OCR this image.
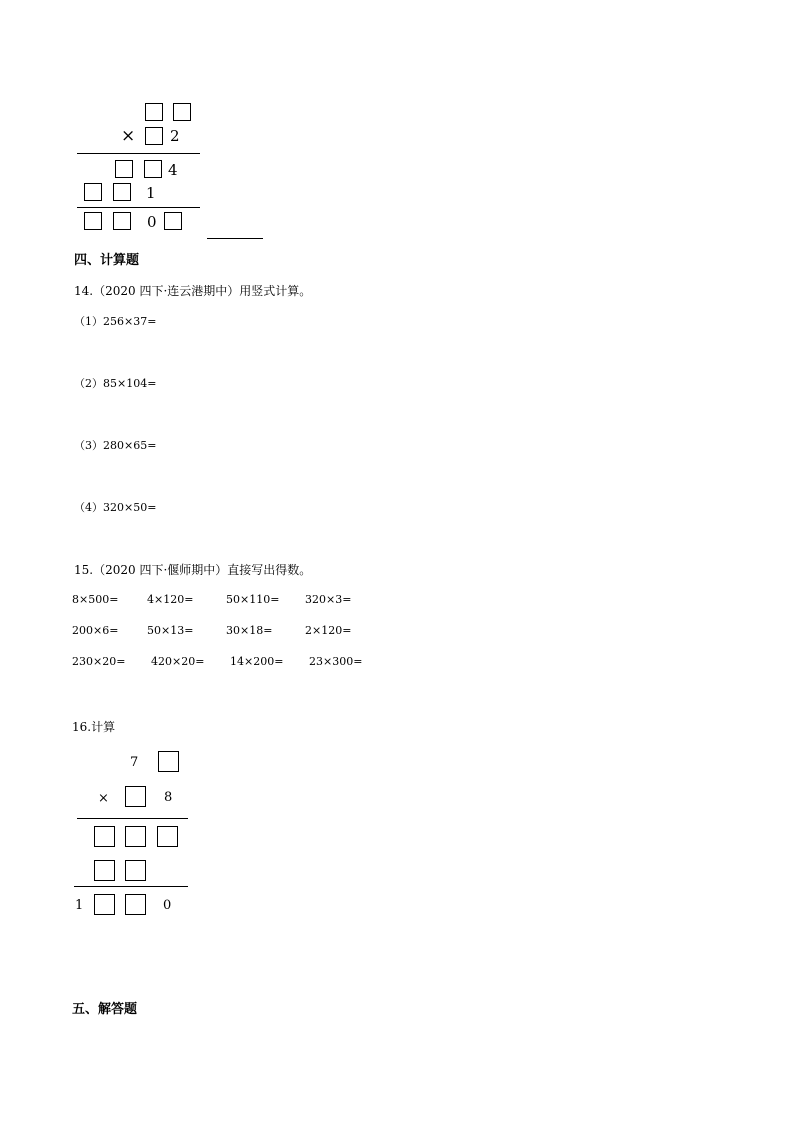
× 2
4
1
0
四、计算题
14.（2020 四下·连云港期中）用竖式计算。
（1）256×37=
（2）85×104=
（3）280×65=
（4）320×50=
15.（2020 四下·偃师期中）直接写出得数。
8×500=	4×120=	50×110= 320×3=
200×6=	50×13=	30×18=	2×120=
230×20= 420×20= 14×200= 23×300=
16.计算
7
×	8
1	0
五、解答题
